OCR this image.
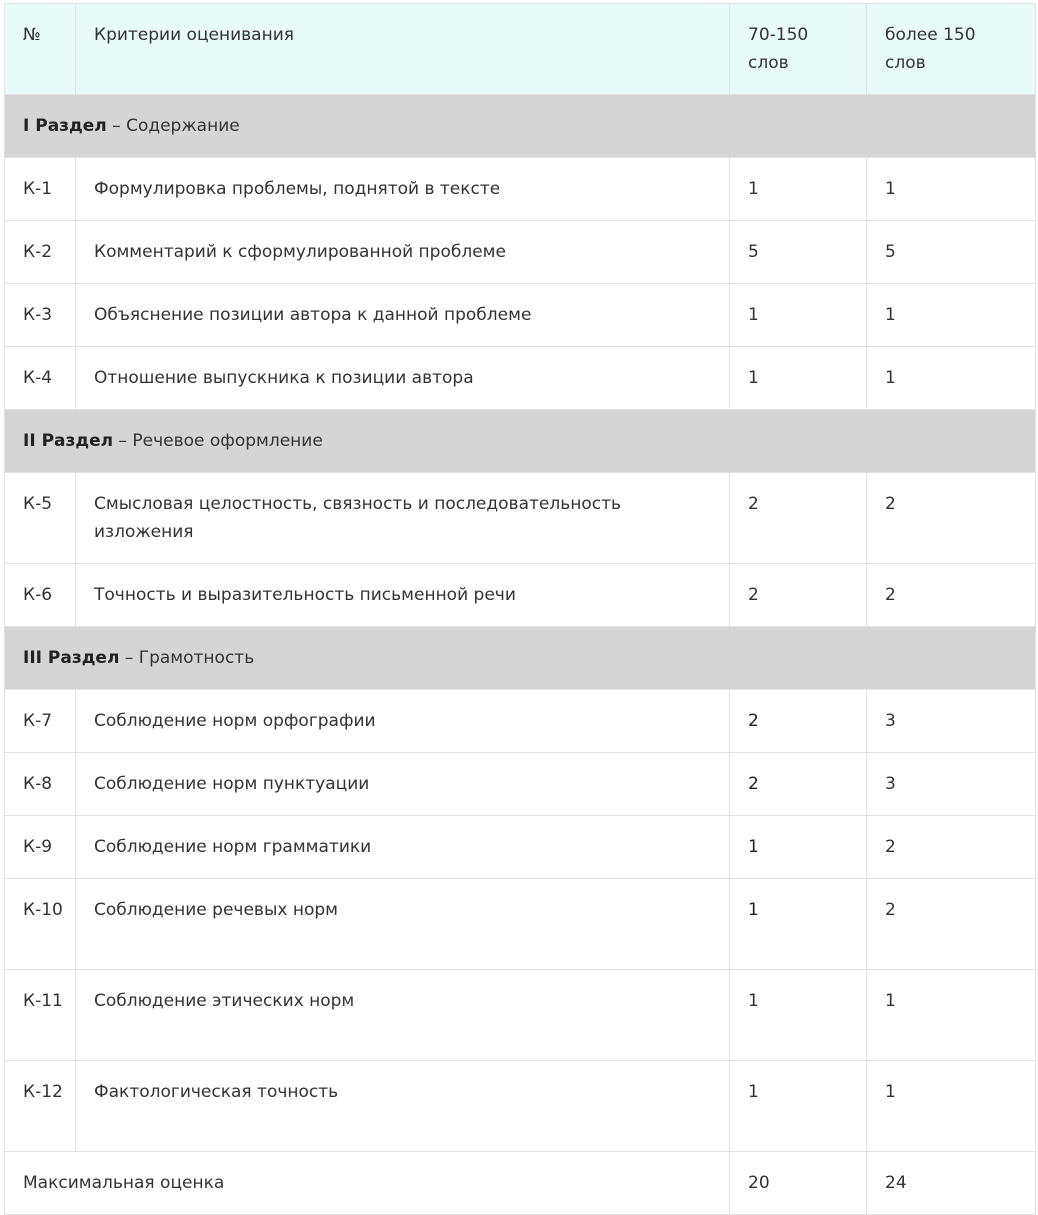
№	Критерии оценивания	70-150 слов	более 150 слов
I Раздел – Содержание			
К-1	Формулировка проблемы, поднятой в тексте	1	1
К-2	Комментарий к сформулированной проблеме	5	5
К-3	Объяснение позиции автора к данной проблеме	1	1
К-4	Отношение выпускника к позиции автора	1	1
II Раздел – Речевое оформление			
К-5	Смысловая целостность, связность и последовательность изложения	2	2
К-6	Точность и выразительность письменной речи	2	2
III Раздел – Грамотность			
К-7	Соблюдение норм орфографии	2	3
К-8	Соблюдение норм пунктуации	2	3
К-9	Соблюдение норм грамматики	1	2
К-10	Соблюдение речевых норм	1	2
К-11	Соблюдение этических норм	1	1
К-12	Фактологическая точность	1	1
Максимальная оценка		20	24
